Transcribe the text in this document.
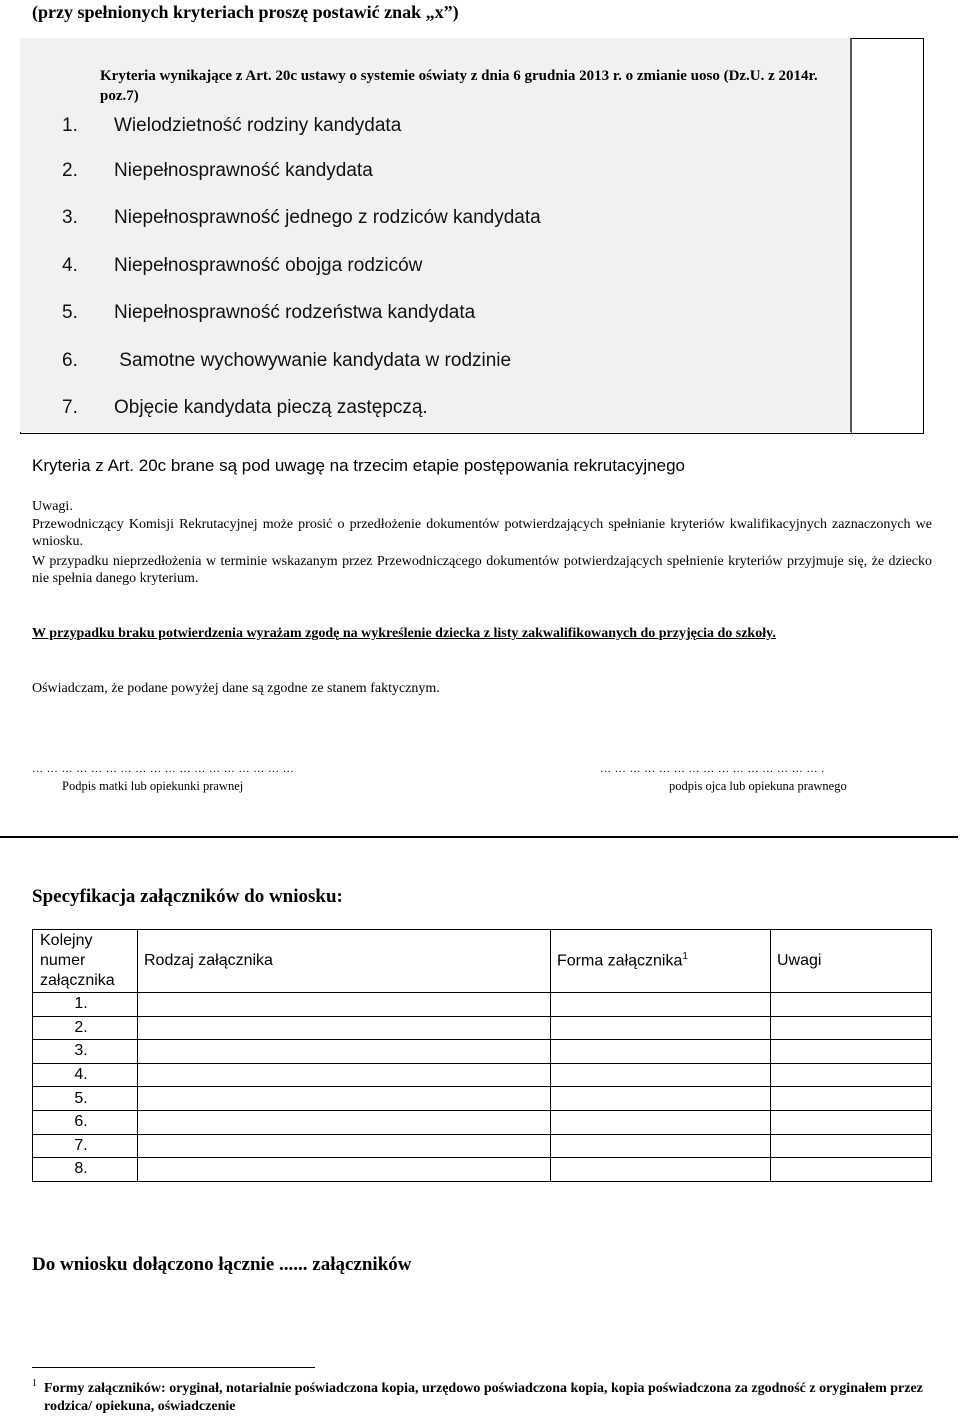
(przy spełnionych kryteriach proszę postawić znak „x”)
Kryteria wynikające z Art. 20c ustawy o systemie oświaty z dnia 6 grudnia 2013 r. o zmianie uoso (Dz.U. z 2014r. poz.7)
1. Wielodzietność rodziny kandydata
2. Niepełnosprawność kandydata
3. Niepełnosprawność jednego z rodziców kandydata
4. Niepełnosprawność obojga rodziców
5. Niepełnosprawność rodzeństwa kandydata
6. Samotne wychowywanie kandydata w rodzinie
7. Objęcie kandydata pieczą zastępczą.
Kryteria z Art. 20c brane są pod uwagę na trzecim etapie postępowania rekrutacyjnego
Uwagi.
Przewodniczący Komisji Rekrutacyjnej może prosić o przedłożenie dokumentów potwierdzających spełnianie kryteriów kwalifikacyjnych zaznaczonych we wniosku.
W przypadku nieprzedłożenia w terminie wskazanym przez Przewodniczącego dokumentów potwierdzających spełnienie kryteriów przyjmuje się, że dziecko nie spełnia danego kryterium.
W przypadku braku potwierdzenia wyrażam zgodę na wykreślenie dziecka z listy zakwalifikowanych do przyjęcia do szkoły.
Oświadczam, że podane powyżej dane są zgodne ze stanem faktycznym.
… … … … … … … … … … … … … … … … … …
Podpis matki lub opiekunki prawnej
… … … … … … … … … … … … … … … .
podpis ojca lub opiekuna prawnego
Specyfikacja załączników do wniosku:
Kolejny
numer
załącznika	Rodzaj załącznika	Forma załącznika$^1$	Uwagi
1.			
2.			
3.			
4.			
5.			
6.			
7.			
8.			
Do wniosku dołączono łącznie ...... załączników
1 Formy załączników: oryginał, notarialnie poświadczona kopia, urzędowo poświadczona kopia, kopia poświadczona za zgodność z oryginałem przez rodzica/ opiekuna, oświadczenie
